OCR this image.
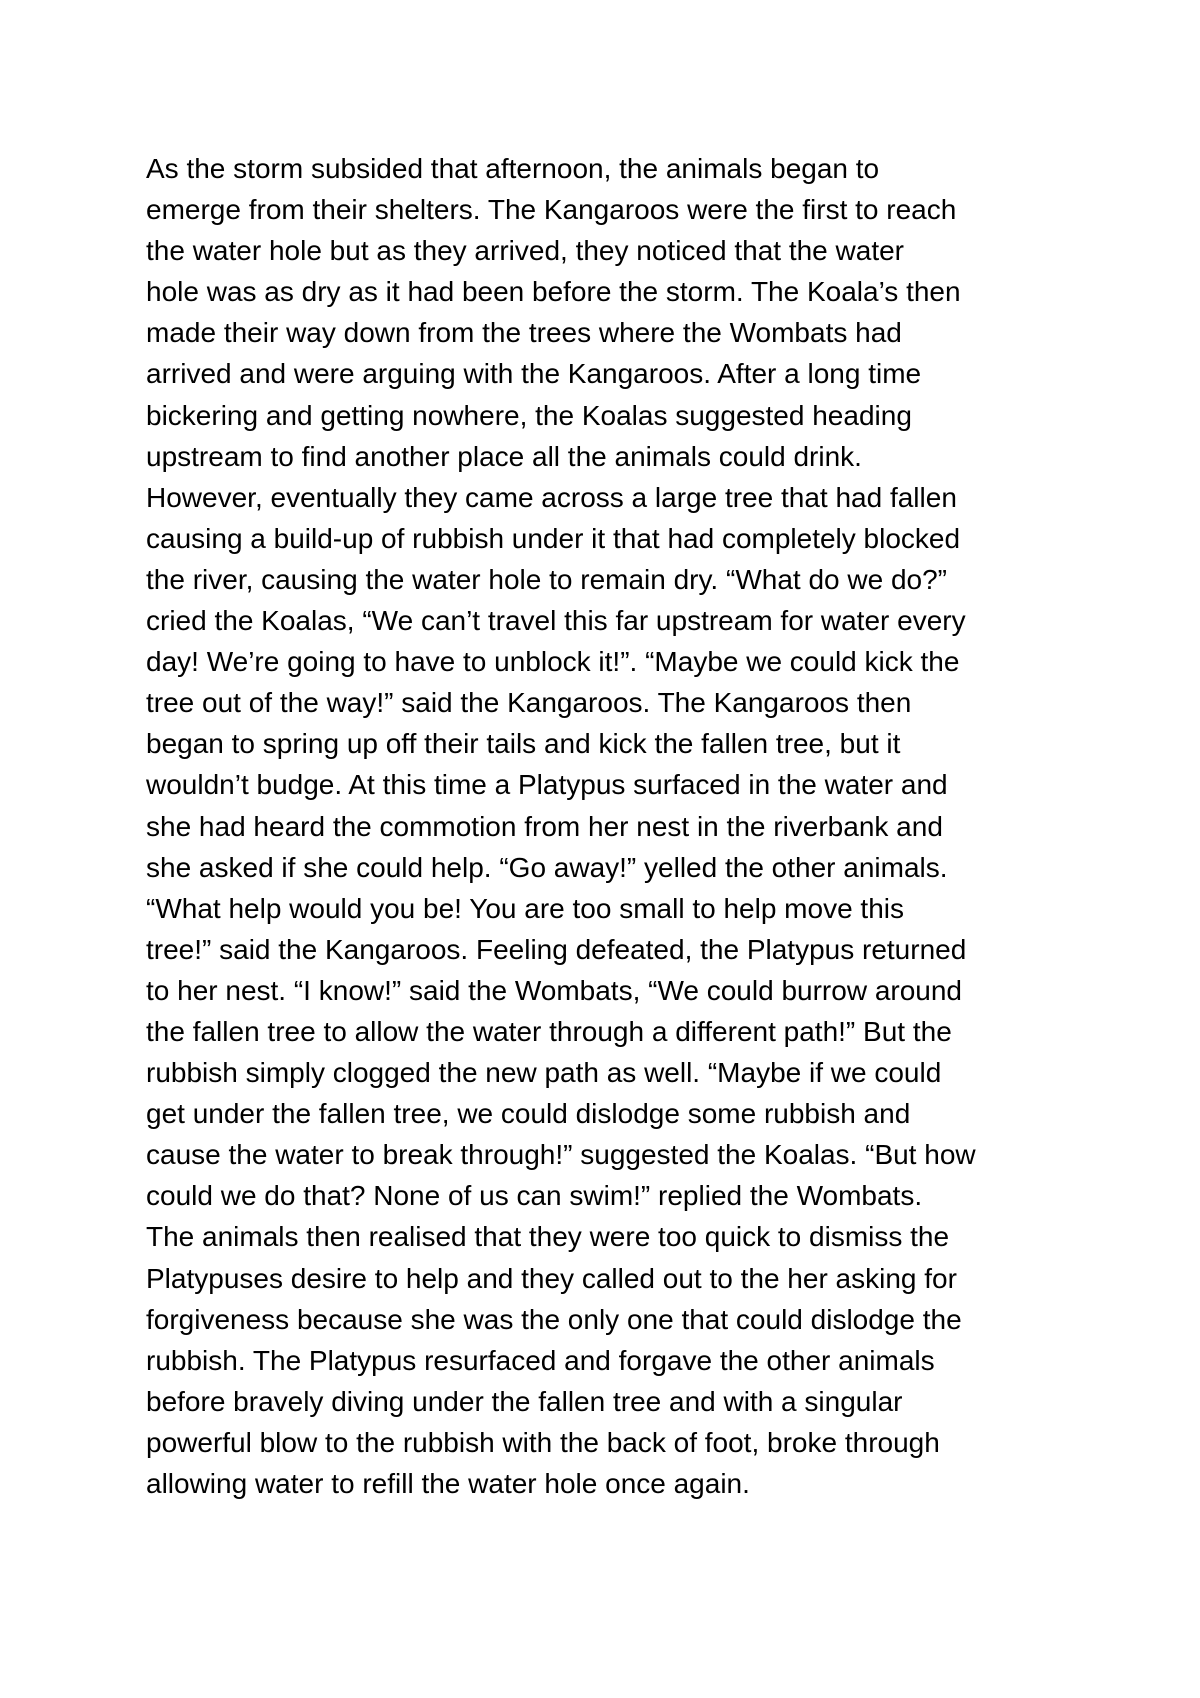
As the storm subsided that afternoon, the animals began to
emerge from their shelters. The Kangaroos were the first to reach
the water hole but as they arrived, they noticed that the water
hole was as dry as it had been before the storm. The Koala’s then
made their way down from the trees where the Wombats had
arrived and were arguing with the Kangaroos. After a long time
bickering and getting nowhere, the Koalas suggested heading
upstream to find another place all the animals could drink.
However, eventually they came across a large tree that had fallen
causing a build-up of rubbish under it that had completely blocked
the river, causing the water hole to remain dry. “What do we do?”
cried the Koalas, “We can’t travel this far upstream for water every
day! We’re going to have to unblock it!”. “Maybe we could kick the
tree out of the way!” said the Kangaroos. The Kangaroos then
began to spring up off their tails and kick the fallen tree, but it
wouldn’t budge. At this time a Platypus surfaced in the water and
she had heard the commotion from her nest in the riverbank and
she asked if she could help. “Go away!” yelled the other animals.
“What help would you be! You are too small to help move this
tree!” said the Kangaroos. Feeling defeated, the Platypus returned
to her nest. “I know!” said the Wombats, “We could burrow around
the fallen tree to allow the water through a different path!” But the
rubbish simply clogged the new path as well. “Maybe if we could
get under the fallen tree, we could dislodge some rubbish and
cause the water to break through!” suggested the Koalas. “But how
could we do that? None of us can swim!” replied the Wombats.
The animals then realised that they were too quick to dismiss the
Platypuses desire to help and they called out to the her asking for
forgiveness because she was the only one that could dislodge the
rubbish. The Platypus resurfaced and forgave the other animals
before bravely diving under the fallen tree and with a singular
powerful blow to the rubbish with the back of foot, broke through
allowing water to refill the water hole once again.
